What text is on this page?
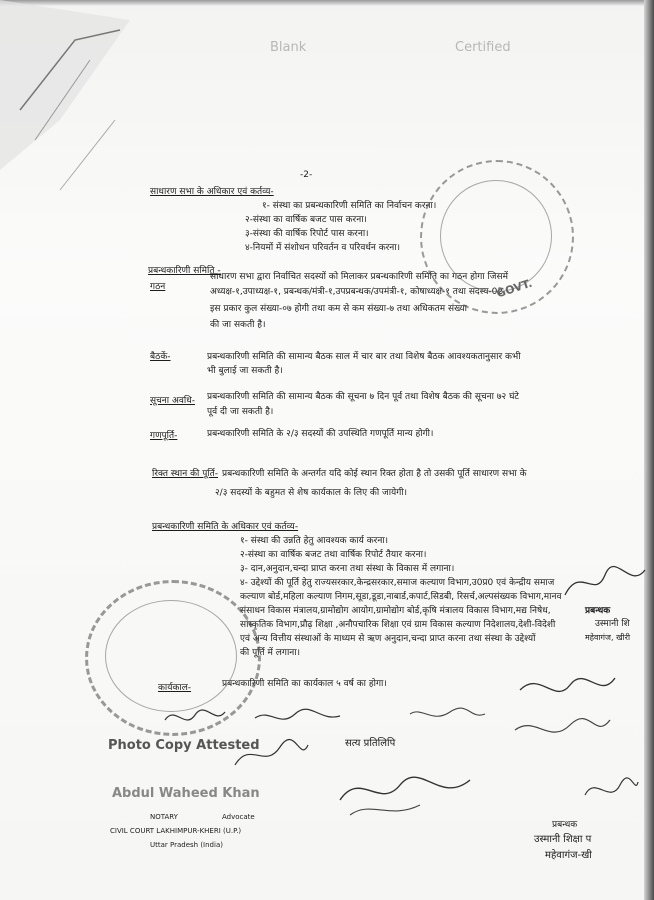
Blank	Certified
-2-
साधारण सभा के अधिकार एवं कर्तव्य-
१- संस्था का प्रबन्धकारिणी समिति का निर्वाचन करना।
२-संस्था का वार्षिक बजट पास करना।
३-संस्था की वार्षिक रिपोर्ट पास करना।
४-नियमों में संशोधन परिवर्तन व परिवर्धन करना।
प्रबन्धकारिणी समिति -
गठन
साधारण सभा द्वारा निर्वाचित सदस्यों को मिलाकर प्रबन्धकारिणी समिति का गठन होगा जिसमें
अध्यक्ष-१,उपाध्यक्ष-१, प्रबन्धक/मंत्री-१,उपप्रबन्धक/उपमंत्री-१, कोषाध्यक्ष-१ तथा सदस्य-02
इस प्रकार कुल संख्या-०७ होगी तथा कम से कम संख्या-७ तथा अधिकतम संख्या
की जा सकती है।
बैठकें-	प्रबन्धकारिणी समिति की सामान्य बैठक साल में चार बार तथा विशेष बैठक आवश्यकतानुसार कभी
भी बुलाई जा सकती है।
सूचना अवधि- प्रबन्धकारिणी समिति की सामान्य बैठक की सूचना ७ दिन पूर्व तथा विशेष बैठक की सूचना ७२ घंटे
पूर्व दी जा सकती है।
गणपूर्ति-	प्रबन्धकारिणी समिति के २/३ सदस्यों की उपस्थिति गणपूर्ति मान्य होगी।
रिक्त स्थान की पूर्ति- प्रबन्धकारिणी समिति के अन्तर्गत यदि कोई स्थान रिक्त होता है तो उसकी पूर्ति साधारण सभा के
२/३ सदस्यों के बहुमत से शेष कार्यकाल के लिए की जायेगी।
प्रबन्धकारिणी समिति के अधिकार एवं कर्तव्य-
१- संस्था की उन्नति हेतु आवश्यक कार्य करना।
२-संस्था का वार्षिक बजट तथा वार्षिक रिपोर्ट तैयार करना।
३- दान,अनुदान,चन्दा प्राप्त करना तथा संस्था के विकास में लगाना।
४- उद्देश्यों की पूर्ति हेतु राज्यसरकार,केन्द्रसरकार,समाज कल्याण विभाग,उ0प्र0 एवं केन्द्रीय समाज
कल्याण बोर्ड,महिला कल्याण निगम,सूडा,डूडा,नाबार्ड,कपार्ट,सिडबी, रिसर्च,अल्पसंख्यक विभाग,मानव
संसाधन विकास मंत्रालय,ग्रामोद्योग आयोग,ग्रामोद्योग बोर्ड,कृषि मंत्रालय विकास विभाग,मद्य निषेध,
सांस्कृतिक विभाग,प्रौढ़ शिक्षा ,अनौपचारिक शिक्षा एवं ग्राम विकास कल्याण निदेशालय,देशी-विदेशी
एवं अन्य वित्तीय संस्थाओं के माध्यम से ऋण अनुदान,चन्दा प्राप्त करना तथा संस्था के उद्देश्यों
की पूर्ति में लगाना।
कार्यकाल-	प्रबन्धकारिणी समिति का कार्यकाल ५ वर्ष का होगा।
GOVT.
प्रबन्धक
उस्मानी शि
महेवागंज, खीरी
सत्य प्रतिलिपि
Photo Copy Attested
Abdul Waheed Khan
NOTARY	Advocate
CIVIL COURT LAKHIMPUR-KHERI (U.P.)
Uttar Pradesh (India)
प्रबन्धक
उस्मानी शिक्षा प
महेवागंज-खी
